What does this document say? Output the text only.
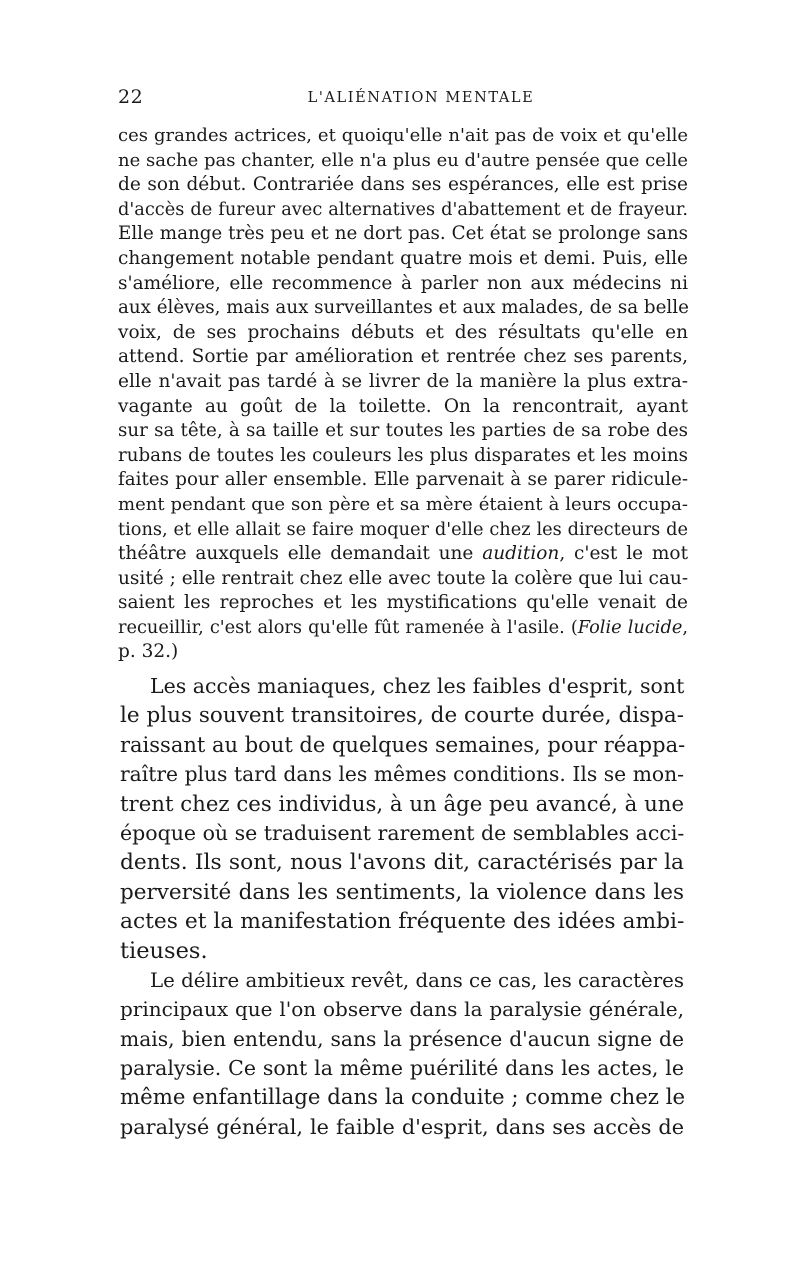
22	L'ALIÉNATION MENTALE
ces grandes actrices, et quoiqu'elle n'ait pas de voix et qu'elle
ne sache pas chanter, elle n'a plus eu d'autre pensée que celle
de son début. Contrariée dans ses espérances, elle est prise
d'accès de fureur avec alternatives d'abattement et de frayeur.
Elle mange très peu et ne dort pas. Cet état se prolonge sans
changement notable pendant quatre mois et demi. Puis, elle
s'améliore, elle recommence à parler non aux médecins ni
aux élèves, mais aux surveillantes et aux malades, de sa belle
voix, de ses prochains débuts et des résultats qu'elle en
attend. Sortie par amélioration et rentrée chez ses parents,
elle n'avait pas tardé à se livrer de la manière la plus extra-
vagante au goût de la toilette. On la rencontrait, ayant
sur sa tête, à sa taille et sur toutes les parties de sa robe des
rubans de toutes les couleurs les plus disparates et les moins
faites pour aller ensemble. Elle parvenait à se parer ridicule-
ment pendant que son père et sa mère étaient à leurs occupa-
tions, et elle allait se faire moquer d'elle chez les directeurs de
théâtre auxquels elle demandait une audition, c'est le mot
usité ; elle rentrait chez elle avec toute la colère que lui cau-
saient les reproches et les mystifications qu'elle venait de
recueillir, c'est alors qu'elle fût ramenée à l'asile. (Folie lucide,
p. 32.)
Les accès maniaques, chez les faibles d'esprit, sont
le plus souvent transitoires, de courte durée, dispa-
raissant au bout de quelques semaines, pour réappa-
raître plus tard dans les mêmes conditions. Ils se mon-
trent chez ces individus, à un âge peu avancé, à une
époque où se traduisent rarement de semblables acci-
dents. Ils sont, nous l'avons dit, caractérisés par la
perversité dans les sentiments, la violence dans les
actes et la manifestation fréquente des idées ambi-
tieuses.
Le délire ambitieux revêt, dans ce cas, les caractères
principaux que l'on observe dans la paralysie générale,
mais, bien entendu, sans la présence d'aucun signe de
paralysie. Ce sont la même puérilité dans les actes, le
même enfantillage dans la conduite ; comme chez le
paralysé général, le faible d'esprit, dans ses accès de
